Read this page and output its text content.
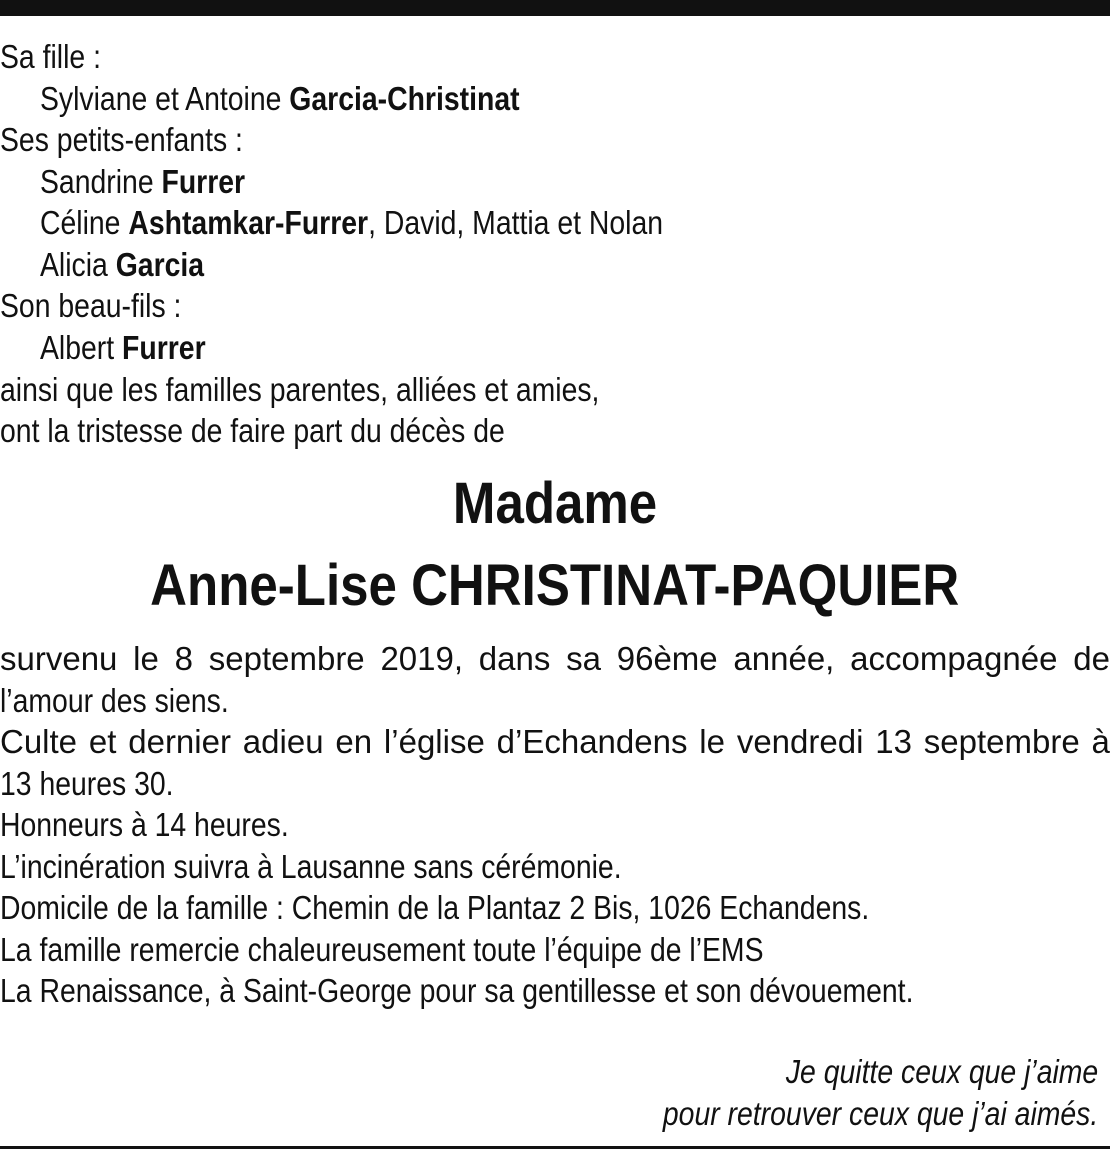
Sa fille :
Sylviane et Antoine Garcia-Christinat
Ses petits-enfants :
Sandrine Furrer
Céline Ashtamkar-Furrer, David, Mattia et Nolan
Alicia Garcia
Son beau-fils :
Albert Furrer
ainsi que les familles parentes, alliées et amies,
ont la tristesse de faire part du décès de
Madame
Anne-Lise CHRISTINAT-PAQUIER
survenu le 8 septembre 2019, dans sa 96ème année, accompagnée de
l’amour des siens.
Culte et dernier adieu en l’église d’Echandens le vendredi 13 septembre à
13 heures 30.
Honneurs à 14 heures.
L’incinération suivra à Lausanne sans cérémonie.
Domicile de la famille : Chemin de la Plantaz 2 Bis, 1026 Echandens.
La famille remercie chaleureusement toute l’équipe de l’EMS
La Renaissance, à Saint-George pour sa gentillesse et son dévouement.
Je quitte ceux que j’aime
pour retrouver ceux que j’ai aimés.
